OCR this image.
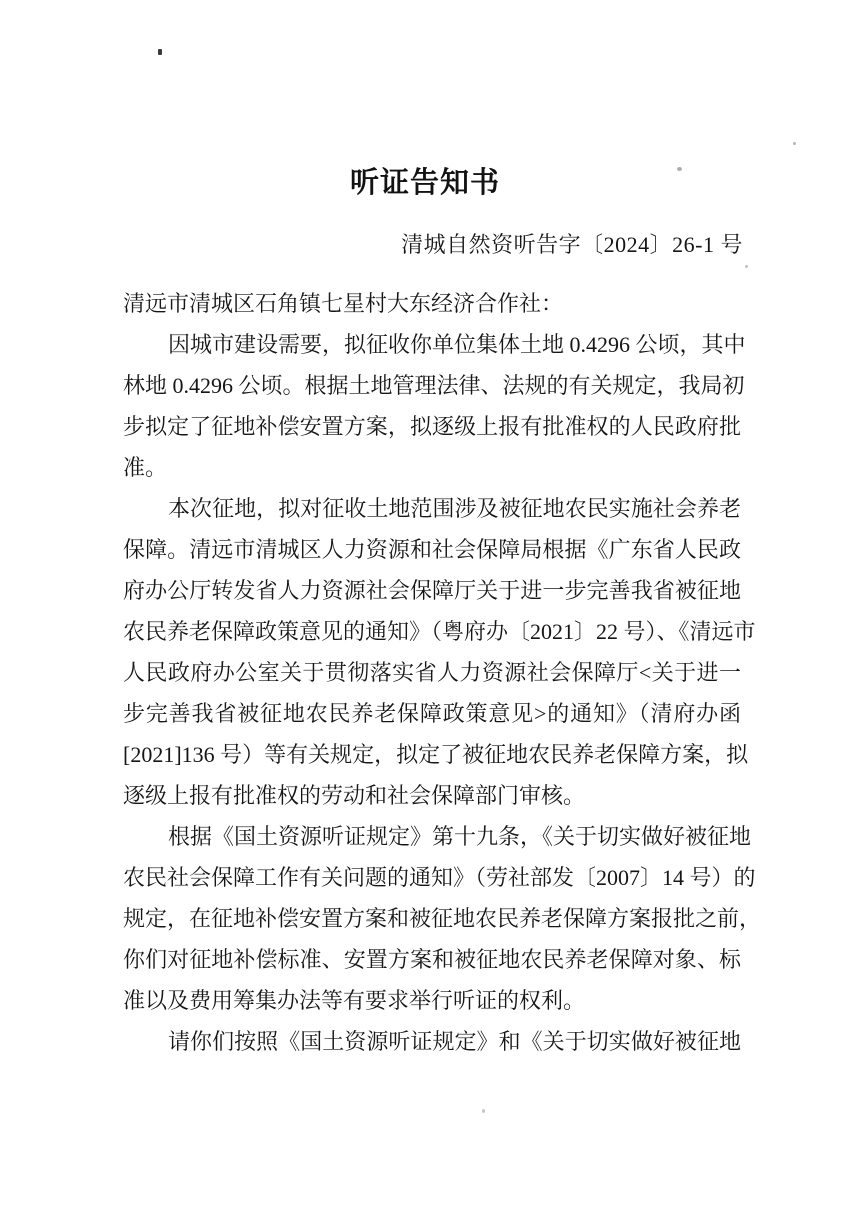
听证告知书
清城自然资听告字〔2024〕26-1 号
清远市清城区石角镇七星村大东经济合作社：
因城市建设需要，拟征收你单位集体土地 0.4296 公顷，其中
林地 0.4296 公顷。根据土地管理法律、法规的有关规定，我局初
步拟定了征地补偿安置方案，拟逐级上报有批准权的人民政府批
准。
本次征地，拟对征收土地范围涉及被征地农民实施社会养老
保障。清远市清城区人力资源和社会保障局根据《广东省人民政
府办公厅转发省人力资源社会保障厅关于进一步完善我省被征地
农民养老保障政策意见的通知》（粤府办〔2021〕22 号）、《清远市
人民政府办公室关于贯彻落实省人力资源社会保障厅<关于进一
步完善我省被征地农民养老保障政策意见>的通知》（清府办函
[2021]136 号）等有关规定，拟定了被征地农民养老保障方案，拟
逐级上报有批准权的劳动和社会保障部门审核。
根据《国土资源听证规定》第十九条，《关于切实做好被征地
农民社会保障工作有关问题的通知》（劳社部发〔2007〕14 号）的
规定，在征地补偿安置方案和被征地农民养老保障方案报批之前，
你们对征地补偿标准、安置方案和被征地农民养老保障对象、标
准以及费用筹集办法等有要求举行听证的权利。
请你们按照《国土资源听证规定》和《关于切实做好被征地
